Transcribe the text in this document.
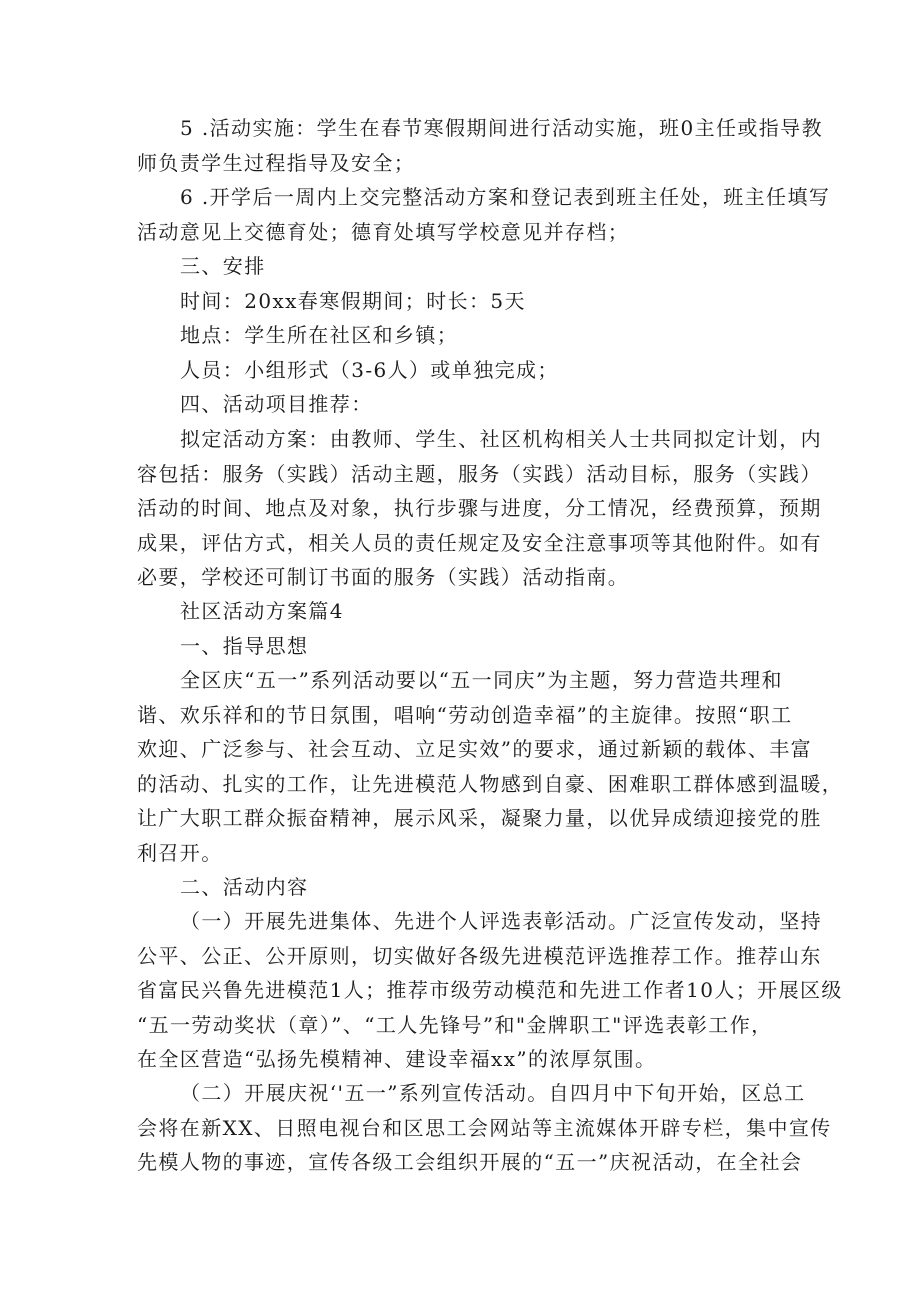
5 .活动实施：学生在春节寒假期间进行活动实施，班0主任或指导教
师负责学生过程指导及安全；
6 .开学后一周内上交完整活动方案和登记表到班主任处，班主任填写
活动意见上交德育处；德育处填写学校意见并存档；

三、安排

时间：20xx春寒假期间；时长：5天

地点：学生所在社区和乡镇；

人员：小组形式（3-6人）或单独完成；

四、活动项目推荐：

拟定活动方案：由教师、学生、社区机构相关人士共同拟定计划，内
容包括：服务（实践）活动主题，服务（实践）活动目标，服务（实践）
活动的时间、地点及对象，执行步骤与进度，分工情况，经费预算，预期
成果，评估方式，相关人员的责任规定及安全注意事项等其他附件。如有
必要，学校还可制订书面的服务（实践）活动指南。

社区活动方案篇4

一、指导思想

全区庆“五一”系列活动要以“五一同庆”为主题，努力营造共理和
谐、欢乐祥和的节日氛围，唱响“劳动创造幸福”的主旋律。按照“职工
欢迎、广泛参与、社会互动、立足实效”的要求，通过新颖的载体、丰富
的活动、扎实的工作，让先进模范人物感到自豪、困难职工群体感到温暖，
让广大职工群众振奋精神，展示风采，凝聚力量，以优异成绩迎接党的胜
利召开。

二、活动内容

（一）开展先进集体、先进个人评选表彰活动。广泛宣传发动，坚持
公平、公正、公开原则，切实做好各级先进模范评选推荐工作。推荐山东
省富民兴鲁先进模范1人；推荐市级劳动模范和先进工作者10人；开展区级
“五一劳动奖状（章）”、“工人先锋号”和"金牌职工"评选表彰工作，
在全区营造“弘扬先模精神、建设幸福xx”的浓厚氛围。
（二）开展庆祝‘'五一”系列宣传活动。自四月中下旬开始，区总工
会将在新XX、日照电视台和区思工会网站等主流媒体开辟专栏，集中宣传
先模人物的事迹，宣传各级工会组织开展的“五一”庆祝活动，在全社会
